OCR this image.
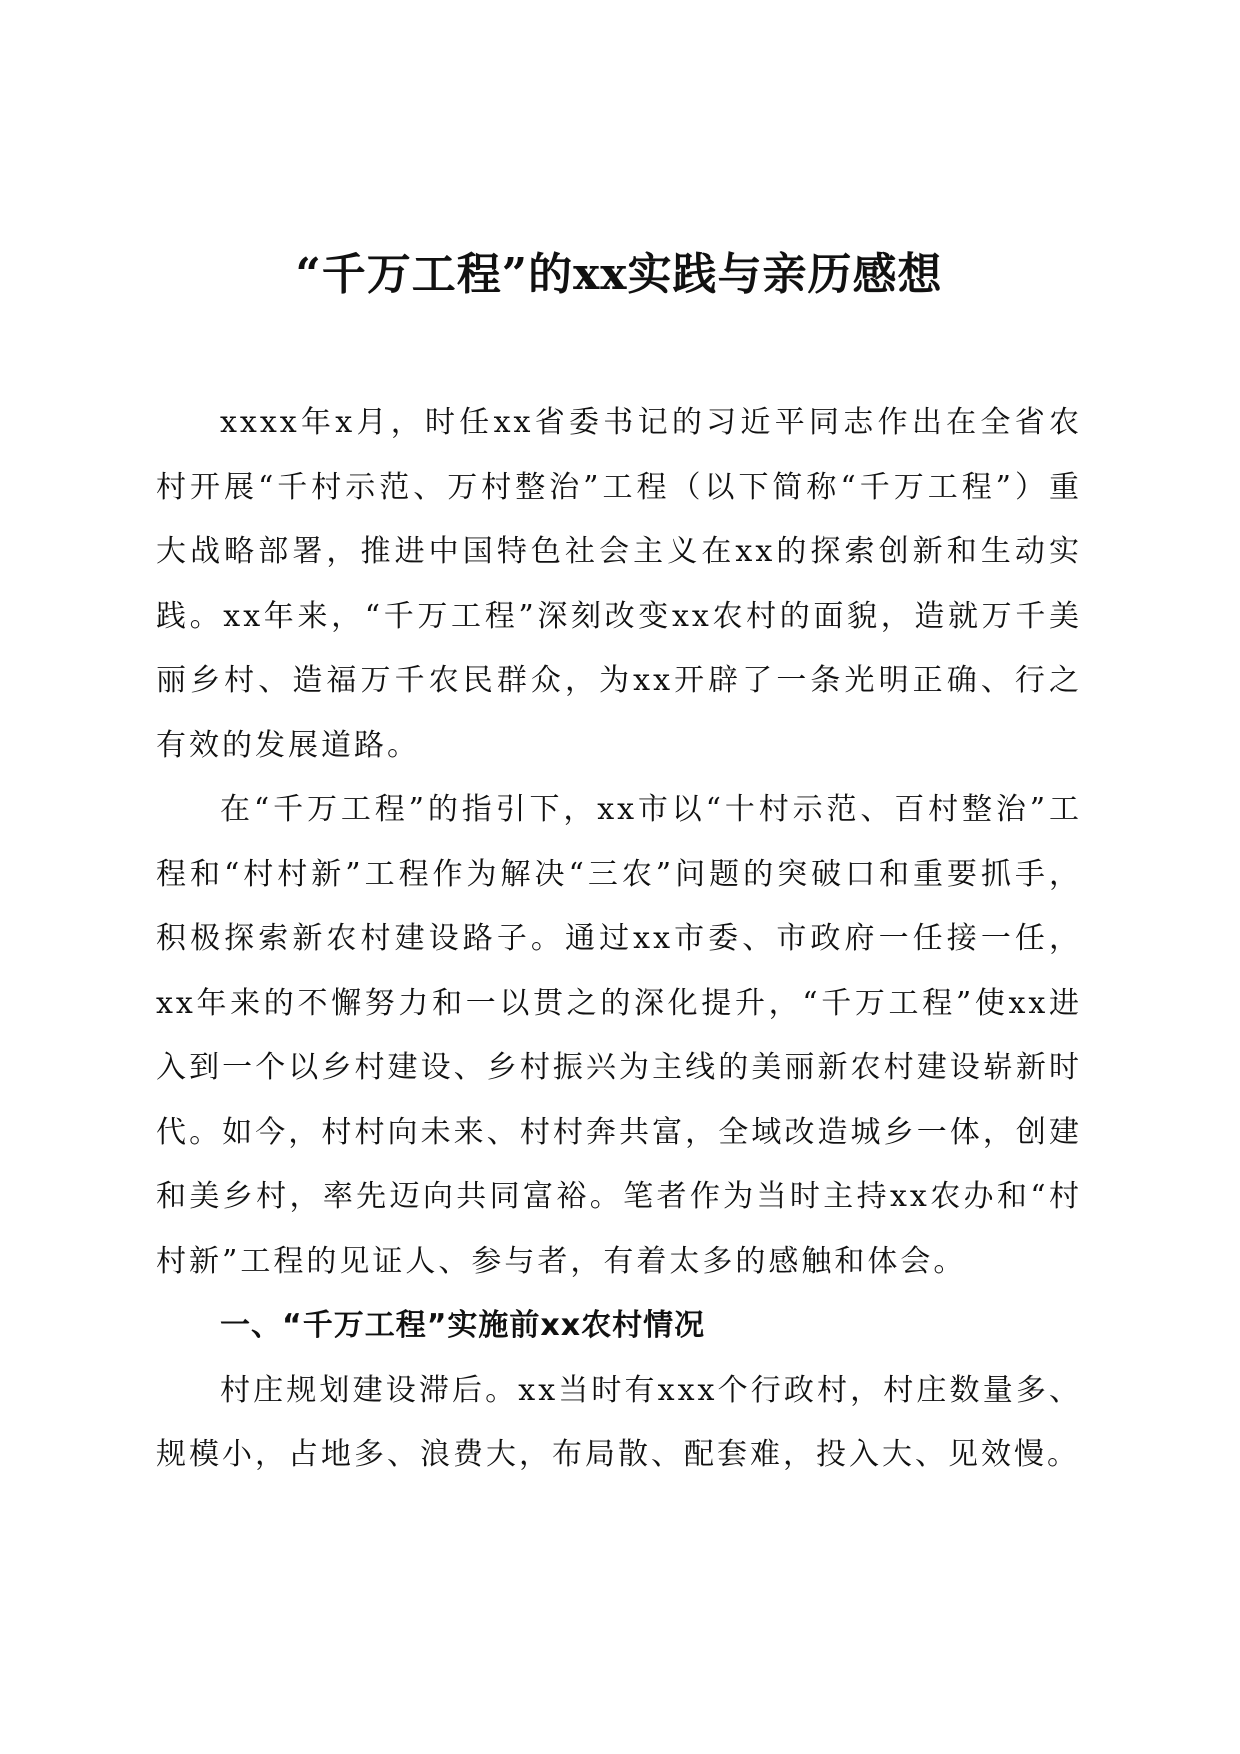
“千万工程”的xx实践与亲历感想

xxxx年x月，时任xx省委书记的习近平同志作出在全省农村开展“千村示范、万村整治”工程（以下简称“千万工程”）重大战略部署，推进中国特色社会主义在xx的探索创新和生动实践。xx年来，“千万工程”深刻改变xx农村的面貌，造就万千美丽乡村、造福万千农民群众，为xx开辟了一条光明正确、行之有效的发展道路。

在“千万工程”的指引下，xx市以“十村示范、百村整治”工程和“村村新”工程作为解决“三农”问题的突破口和重要抓手，积极探索新农村建设路子。通过xx市委、市政府一任接一任，xx年来的不懈努力和一以贯之的深化提升，“千万工程”使xx进入到一个以乡村建设、乡村振兴为主线的美丽新农村建设崭新时代。如今，村村向未来、村村奔共富，全域改造城乡一体，创建和美乡村，率先迈向共同富裕。笔者作为当时主持xx农办和“村村新”工程的见证人、参与者，有着太多的感触和体会。

一、“千万工程”实施前xx农村情况

村庄规划建设滞后。xx当时有xxx个行政村，村庄数量多、规模小，占地多、浪费大，布局散、配套难，投入大、见效慢。
